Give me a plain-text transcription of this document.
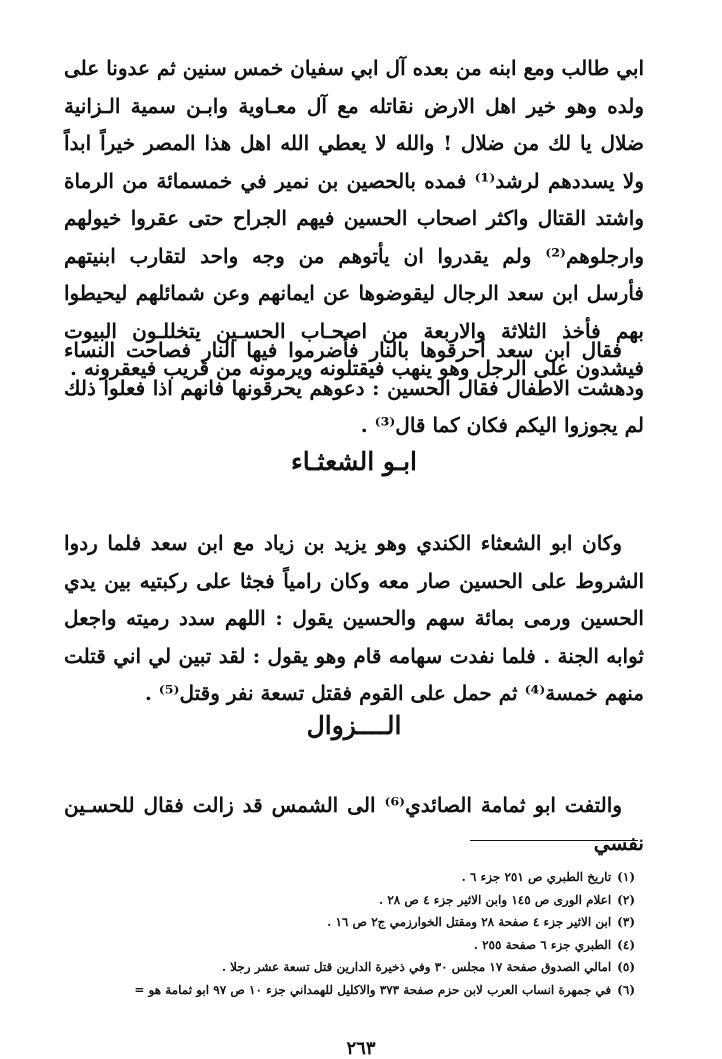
ابي طالب ومع ابنه من بعده آل ابي سفيان خمس سنين ثم عدونا على ولده وهو خير اهل الارض نقاتله مع آل معـاوية وابـن سمية الـزانية ضلال يا لك من ضلال ! والله لا يعطي الله اهل هذا المصر خيراً ابداً ولا يسددهم لرشد⁽¹⁾ فمده بالحصين بن نمير في خمسمائة من الرماة واشتد القتال واكثر اصحاب الحسين فيهم الجراح حتى عقروا خيولهم وارجلوهم⁽²⁾ ولم يقدروا ان يأتوهم من وجه واحد لتقارب ابنيتهم فأرسل ابن سعد الرجال ليقوضوها عن ايمانهم وعن شمائلهم ليحيطوا بهم فأخذ الثلاثة والاربعة من اصحـاب الحسـين يتخللـون البيوت فيشدون على الرجل وهو ينهب فيقتلونه ويرمونه من قريب فيعقرونه .

فقال ابن سعد أحرقوها بالنار فأضرموا فيها النار فصاحت النساء ودهشت الاطفال فقال الحسين : دعوهم يحرقونها فانهم اذا فعلوا ذلك لم يجوزوا اليكم فكان كما قال⁽³⁾ .

ابـو الشعثـاء

وكان ابو الشعثاء الكندي وهو يزيد بن زياد مع ابن سعد فلما ردوا الشروط على الحسين صار معه وكان رامياً فجثا على ركبتيه بين يدي الحسين ورمى بمائة سهم والحسين يقول : اللهم سدد رميته واجعل ثوابه الجنة . فلما نفدت سهامه قام وهو يقول : لقد تبين لي اني قتلت منهم خمسة⁽⁴⁾ ثم حمل على القوم فقتل تسعة نفر وقتل⁽⁵⁾ .

الــــزوال

والتفت ابو ثمامة الصائدي⁽⁶⁾ الى الشمس قد زالت فقال للحسـين نفسي

(١)تاريخ الطبري ص ٢٥١ جزء ٦ .
(٢)اعلام الورى ص ١٤٥ وابن الاثير جزء ٤ ص ٢٨ .
(٣)ابن الاثير جزء ٤ صفحة ٢٨ ومقتل الخوارزمي ج٢ ص ١٦ .
(٤)الطبري جزء ٦ صفحة ٢٥٥ .
(٥)امالي الصدوق صفحة ١٧ مجلس ٣٠ وفي ذخيرة الدارين قتل تسعة عشر رجلا .
(٦)في جمهرة انساب العرب لابن حزم صفحة ٣٧٣ والاكليل للهمداني جزء ١٠ ص ٩٧ ابو ثمامة هو =
٢٦٣
